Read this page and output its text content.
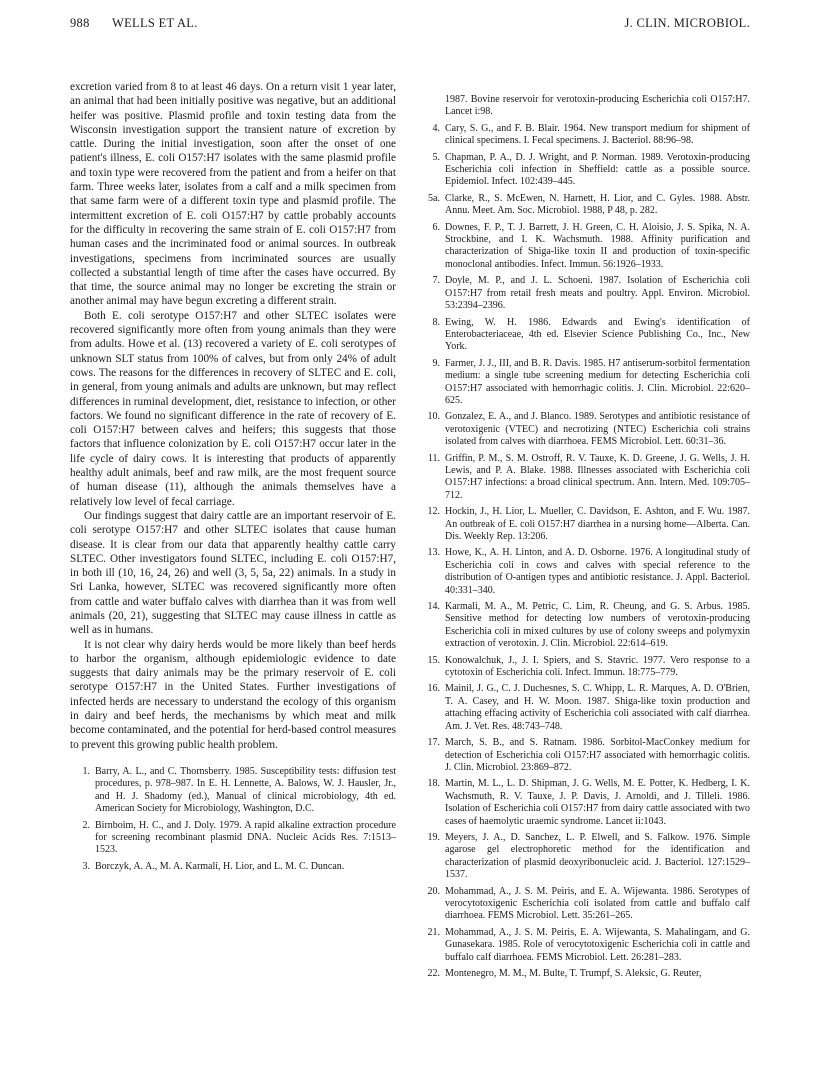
988 WELLS ET AL.	J. CLIN. MICROBIOL.

excretion varied from 8 to at least 46 days. On a return visit 1 year later, an animal that had been initially positive was negative, but an additional heifer was positive. Plasmid profile and toxin testing data from the Wisconsin investigation support the transient nature of excretion by cattle. During the initial investigation, soon after the onset of one patient's illness, E. coli O157:H7 isolates with the same plasmid profile and toxin type were recovered from the patient and from a heifer on that farm. Three weeks later, isolates from a calf and a milk specimen from that same farm were of a different toxin type and plasmid profile. The intermittent excretion of E. coli O157:H7 by cattle probably accounts for the difficulty in recovering the same strain of E. coli O157:H7 from human cases and the incriminated food or animal sources. In outbreak investigations, specimens from incriminated sources are usually collected a substantial length of time after the cases have occurred. By that time, the source animal may no longer be excreting the strain or another animal may have begun excreting a different strain.

Both E. coli serotype O157:H7 and other SLTEC isolates were recovered significantly more often from young animals than they were from adults. Howe et al. (13) recovered a variety of E. coli serotypes of unknown SLT status from 100% of calves, but from only 24% of adult cows. The reasons for the differences in recovery of SLTEC and E. coli, in general, from young animals and adults are unknown, but may reflect differences in ruminal development, diet, resistance to infection, or other factors. We found no significant difference in the rate of recovery of E. coli O157:H7 between calves and heifers; this suggests that those factors that influence colonization by E. coli O157:H7 occur later in the life cycle of dairy cows. It is interesting that products of apparently healthy adult animals, beef and raw milk, are the most frequent source of human disease (11), although the animals themselves have a relatively low level of fecal carriage.

Our findings suggest that dairy cattle are an important reservoir of E. coli serotype O157:H7 and other SLTEC isolates that cause human disease. It is clear from our data that apparently healthy cattle carry SLTEC. Other investigators found SLTEC, including E. coli O157:H7, in both ill (10, 16, 24, 26) and well (3, 5, 5a, 22) animals. In a study in Sri Lanka, however, SLTEC was recovered significantly more often from cattle and water buffalo calves with diarrhea than it was from well animals (20, 21), suggesting that SLTEC may cause illness in cattle as well as in humans.

It is not clear why dairy herds would be more likely than beef herds to harbor the organism, although epidemiologic evidence to date suggests that dairy animals may be the primary reservoir of E. coli serotype O157:H7 in the United States. Further investigations of infected herds are necessary to understand the ecology of this organism in dairy and beef herds, the mechanisms by which meat and milk become contaminated, and the potential for herd-based control measures to prevent this growing public health problem.

1. Barry, A. L., and C. Thornsberry. 1985. Susceptibility tests: diffusion test procedures, p. 978–987. In E. H. Lennette, A. Balows, W. J. Hausler, Jr., and H. J. Shadomy (ed.), Manual of clinical microbiology, 4th ed. American Society for Microbiology, Washington, D.C.
2. Birnboim, H. C., and J. Doly. 1979. A rapid alkaline extraction procedure for screening recombinant plasmid DNA. Nucleic Acids Res. 7:1513–1523.
3. Borczyk, A. A., M. A. Karmali, H. Lior, and L. M. C. Duncan.
1987. Bovine reservoir for verotoxin-producing Escherichia coli O157:H7. Lancet i:98.
4. Cary, S. G., and F. B. Blair. 1964. New transport medium for shipment of clinical specimens. I. Fecal specimens. J. Bacteriol. 88:96–98.
5. Chapman, P. A., D. J. Wright, and P. Norman. 1989. Verotoxin-producing Escherichia coli infection in Sheffield: cattle as a possible source. Epidemiol. Infect. 102:439–445.
5a. Clarke, R., S. McEwen, N. Harnett, H. Lior, and C. Gyles. 1988. Abstr. Annu. Meet. Am. Soc. Microbiol. 1988, P 48, p. 282.
6. Downes, F. P., T. J. Barrett, J. H. Green, C. H. Aloisio, J. S. Spika, N. A. Strockbine, and I. K. Wachsmuth. 1988. Affinity purification and characterization of Shiga-like toxin II and production of toxin-specific monoclonal antibodies. Infect. Immun. 56:1926–1933.
7. Doyle, M. P., and J. L. Schoeni. 1987. Isolation of Escherichia coli O157:H7 from retail fresh meats and poultry. Appl. Environ. Microbiol. 53:2394–2396.
8. Ewing, W. H. 1986. Edwards and Ewing's identification of Enterobacteriaceae, 4th ed. Elsevier Science Publishing Co., Inc., New York.
9. Farmer, J. J., III, and B. R. Davis. 1985. H7 antiserum-sorbitol fermentation medium: a single tube screening medium for detecting Escherichia coli O157:H7 associated with hemorrhagic colitis. J. Clin. Microbiol. 22:620–625.
10. Gonzalez, E. A., and J. Blanco. 1989. Serotypes and antibiotic resistance of verotoxigenic (VTEC) and necrotizing (NTEC) Escherichia coli strains isolated from calves with diarrhoea. FEMS Microbiol. Lett. 60:31–36.
11. Griffin, P. M., S. M. Ostroff, R. V. Tauxe, K. D. Greene, J. G. Wells, J. H. Lewis, and P. A. Blake. 1988. Illnesses associated with Escherichia coli O157:H7 infections: a broad clinical spectrum. Ann. Intern. Med. 109:705–712.
12. Hockin, J., H. Lior, L. Mueller, C. Davidson, E. Ashton, and F. Wu. 1987. An outbreak of E. coli O157:H7 diarrhea in a nursing home—Alberta. Can. Dis. Weekly Rep. 13:206.
13. Howe, K., A. H. Linton, and A. D. Osborne. 1976. A longitudinal study of Escherichia coli in cows and calves with special reference to the distribution of O-antigen types and antibiotic resistance. J. Appl. Bacteriol. 40:331–340.
14. Karmali, M. A., M. Petric, C. Lim, R. Cheung, and G. S. Arbus. 1985. Sensitive method for detecting low numbers of verotoxin-producing Escherichia coli in mixed cultures by use of colony sweeps and polymyxin extraction of verotoxin. J. Clin. Microbiol. 22:614–619.
15. Konowalchuk, J., J. I. Spiers, and S. Stavric. 1977. Vero response to a cytotoxin of Escherichia coli. Infect. Immun. 18:775–779.
16. Mainil, J. G., C. J. Duchesnes, S. C. Whipp, L. R. Marques, A. D. O'Brien, T. A. Casey, and H. W. Moon. 1987. Shiga-like toxin production and attaching effacing activity of Escherichia coli associated with calf diarrhea. Am. J. Vet. Res. 48:743–748.
17. March, S. B., and S. Ratnam. 1986. Sorbitol-MacConkey medium for detection of Escherichia coli O157:H7 associated with hemorrhagic colitis. J. Clin. Microbiol. 23:869–872.
18. Martin, M. L., L. D. Shipman, J. G. Wells, M. E. Potter, K. Hedberg, I. K. Wachsmuth, R. V. Tauxe, J. P. Davis, J. Arnoldi, and J. Tilleli. 1986. Isolation of Escherichia coli O157:H7 from dairy cattle associated with two cases of haemolytic uraemic syndrome. Lancet ii:1043.
19. Meyers, J. A., D. Sanchez, L. P. Elwell, and S. Falkow. 1976. Simple agarose gel electrophoretic method for the identification and characterization of plasmid deoxyribonucleic acid. J. Bacteriol. 127:1529–1537.
20. Mohammad, A., J. S. M. Peiris, and E. A. Wijewanta. 1986. Serotypes of verocytotoxigenic Escherichia coli isolated from cattle and buffalo calf diarrhoea. FEMS Microbiol. Lett. 35:261–265.
21. Mohammad, A., J. S. M. Peiris, E. A. Wijewanta, S. Mahalingam, and G. Gunasekara. 1985. Role of verocytotoxigenic Escherichia coli in cattle and buffalo calf diarrhoea. FEMS Microbiol. Lett. 26:281–283.
22. Montenegro, M. M., M. Bulte, T. Trumpf, S. Aleksic, G. Reuter,
